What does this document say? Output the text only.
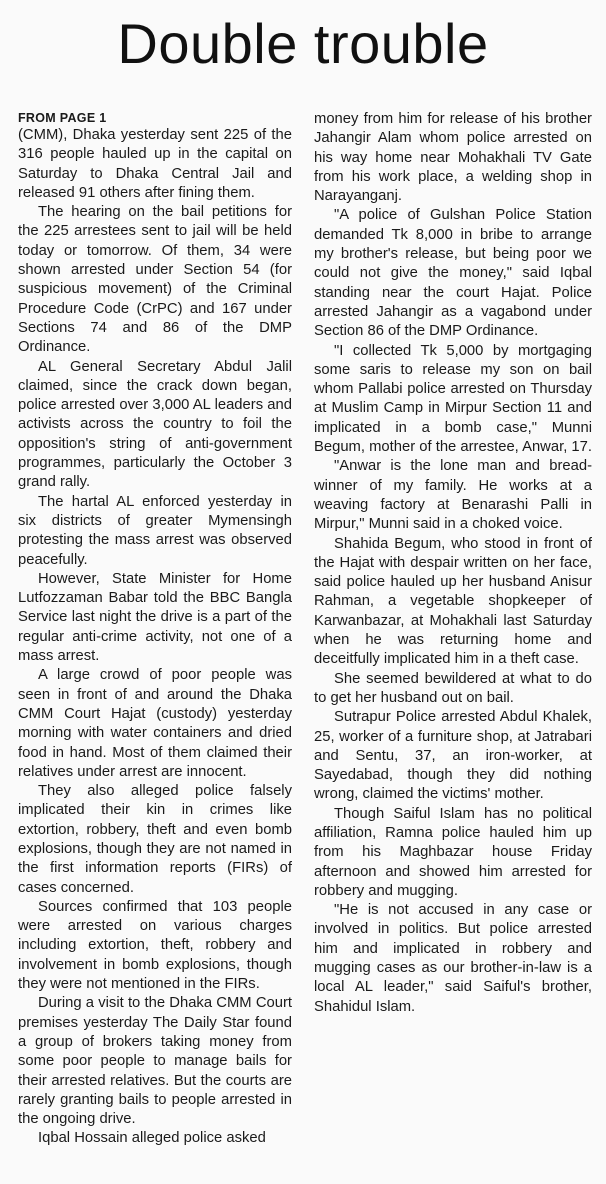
Double trouble
FROM PAGE 1

(CMM), Dhaka yesterday sent 225 of the 316 people hauled up in the capital on Saturday to Dhaka Central Jail and released 91 others after fining them.

The hearing on the bail petitions for the 225 arrestees sent to jail will be held today or tomorrow. Of them, 34 were shown arrested under Section 54 (for suspicious movement) of the Criminal Procedure Code (CrPC) and 167 under Sections 74 and 86 of the DMP Ordinance.

AL General Secretary Abdul Jalil claimed, since the crack down began, police arrested over 3,000 AL leaders and activists across the country to foil the opposition's string of anti-government programmes, particularly the October 3 grand rally.

The hartal AL enforced yesterday in six districts of greater Mymensingh protesting the mass arrest was observed peacefully.

However, State Minister for Home Lutfozzaman Babar told the BBC Bangla Service last night the drive is a part of the regular anti-crime activity, not one of a mass arrest.

A large crowd of poor people was seen in front of and around the Dhaka CMM Court Hajat (custody) yesterday morning with water containers and dried food in hand. Most of them claimed their relatives under arrest are innocent.

They also alleged police falsely implicated their kin in crimes like extortion, robbery, theft and even bomb explosions, though they are not named in the first information reports (FIRs) of cases concerned.

Sources confirmed that 103 people were arrested on various charges including extortion, theft, robbery and involvement in bomb explosions, though they were not mentioned in the FIRs.

During a visit to the Dhaka CMM Court premises yesterday The Daily Star found a group of brokers taking money from some poor people to manage bails for their arrested relatives. But the courts are rarely granting bails to people arrested in the ongoing drive.

Iqbal Hossain alleged police asked

money from him for release of his brother Jahangir Alam whom police arrested on his way home near Mohakhali TV Gate from his work place, a welding shop in Narayanganj.

"A police of Gulshan Police Station demanded Tk 8,000 in bribe to arrange my brother's release, but being poor we could not give the money," said Iqbal standing near the court Hajat. Police arrested Jahangir as a vagabond under Section 86 of the DMP Ordinance.

"I collected Tk 5,000 by mortgaging some saris to release my son on bail whom Pallabi police arrested on Thursday at Muslim Camp in Mirpur Section 11 and implicated in a bomb case," Munni Begum, mother of the arrestee, Anwar, 17.

"Anwar is the lone man and bread-winner of my family. He works at a weaving factory at Benarashi Palli in Mirpur," Munni said in a choked voice.

Shahida Begum, who stood in front of the Hajat with despair written on her face, said police hauled up her husband Anisur Rahman, a vegetable shopkeeper of Karwanbazar, at Mohakhali last Saturday when he was returning home and deceitfully implicated him in a theft case.

She seemed bewildered at what to do to get her husband out on bail.

Sutrapur Police arrested Abdul Khalek, 25, worker of a furniture shop, at Jatrabari and Sentu, 37, an iron-worker, at Sayedabad, though they did nothing wrong, claimed the victims' mother.

Though Saiful Islam has no political affiliation, Ramna police hauled him up from his Maghbazar house Friday afternoon and showed him arrested for robbery and mugging.

"He is not accused in any case or involved in politics. But police arrested him and implicated in robbery and mugging cases as our brother-in-law is a local AL leader," said Saiful's brother, Shahidul Islam.
